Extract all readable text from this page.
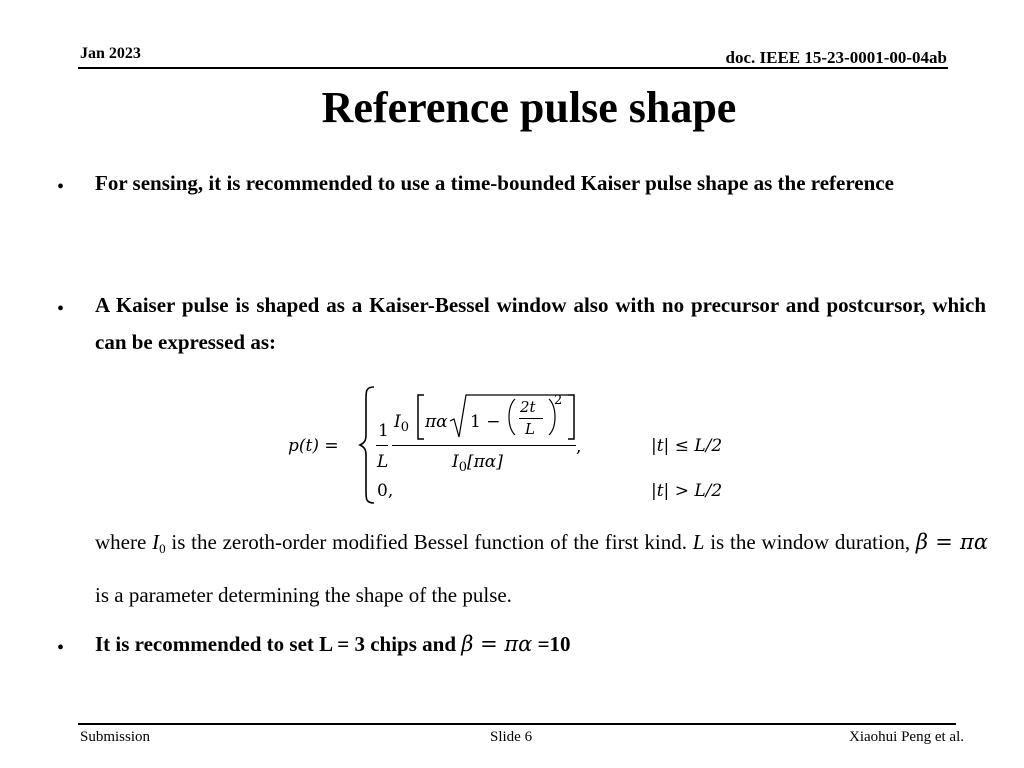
Jan 2023	doc. IEEE 15-23-0001-00-04ab
Reference pulse shape
•	For sensing, it is recommended to use a time-bounded Kaiser pulse shape as the reference
•	A Kaiser pulse is shaped as a Kaiser-Bessel window also with no precursor and postcursor, which can be expressed as:
p(t) =
1
L
$I_0$ πα 1 −
2t
L
2
$I_0[\pi\alpha]$
,	|t| ≤ L/2
0,	|t| > L/2
where $I_0$ is the zeroth-order modified Bessel function of the first kind. L is the window duration, β = πα is a parameter determining the shape of the pulse.
•	It is recommended to set L = 3 chips and β = πα =10
Submission	Slide 6	Xiaohui Peng et al.
